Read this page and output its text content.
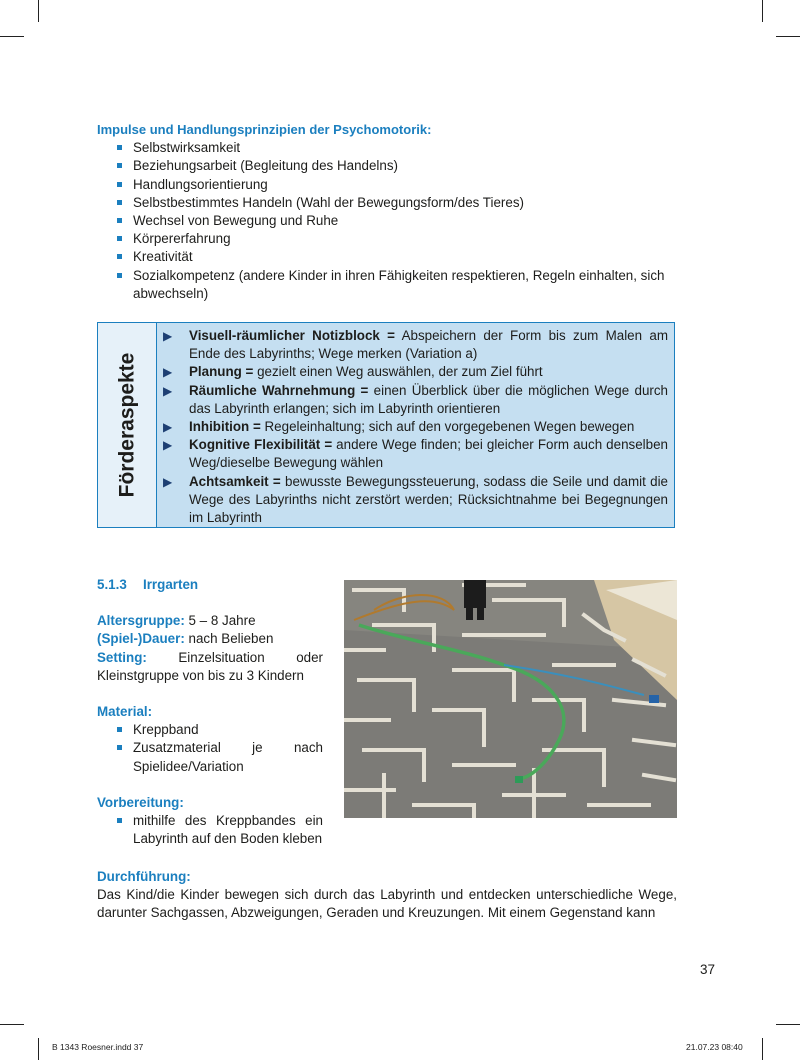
Impulse und Handlungsprinzipien der Psychomotorik:
Selbstwirksamkeit
Beziehungsarbeit (Begleitung des Handelns)
Handlungsorientierung
Selbstbestimmtes Handeln (Wahl der Bewegungsform/des Tieres)
Wechsel von Bewegung und Ruhe
Körpererfahrung
Kreativität
Sozialkompetenz (andere Kinder in ihren Fähigkeiten respektieren, Regeln einhalten, sich abwechseln)
Förderaspekte
▶	Visuell-räumlicher Notizblock = Abspeichern der Form bis zum Malen am Ende des Labyrinths; Wege merken (Variation a)
▶	Planung = gezielt einen Weg auswählen, der zum Ziel führt
▶	Räumliche Wahrnehmung = einen Überblick über die möglichen Wege durch das Labyrinth erlangen; sich im Labyrinth orientieren
▶	Inhibition = Regeleinhaltung; sich auf den vorgegebenen Wegen bewegen
▶	Kognitive Flexibilität = andere Wege finden; bei gleicher Form auch denselben Weg/dieselbe Bewegung wählen
▶	Achtsamkeit = bewusste Bewegungssteuerung, sodass die Seile und damit die Wege des Labyrinths nicht zerstört werden; Rücksichtnahme bei Begegnungen im Labyrinth
5.1.3	Irrgarten
Altersgruppe: 5 – 8 Jahre
(Spiel-)Dauer: nach Belieben
Setting: Einzelsituation oder Kleinstgruppe von bis zu 3 Kindern
Material:
Kreppband
Zusatzmaterial je nach Spielidee/Variation
Vorbereitung:
mithilfe des Kreppbandes ein Labyrinth auf den Boden kleben
Durchführung:
Das Kind/die Kinder bewegen sich durch das Labyrinth und entdecken unterschiedliche Wege, darunter Sachgassen, Abzweigungen, Geraden und Kreuzungen. Mit einem Gegenstand kann
37
B 1343 Roesner.indd 37	21.07.23 08:40
